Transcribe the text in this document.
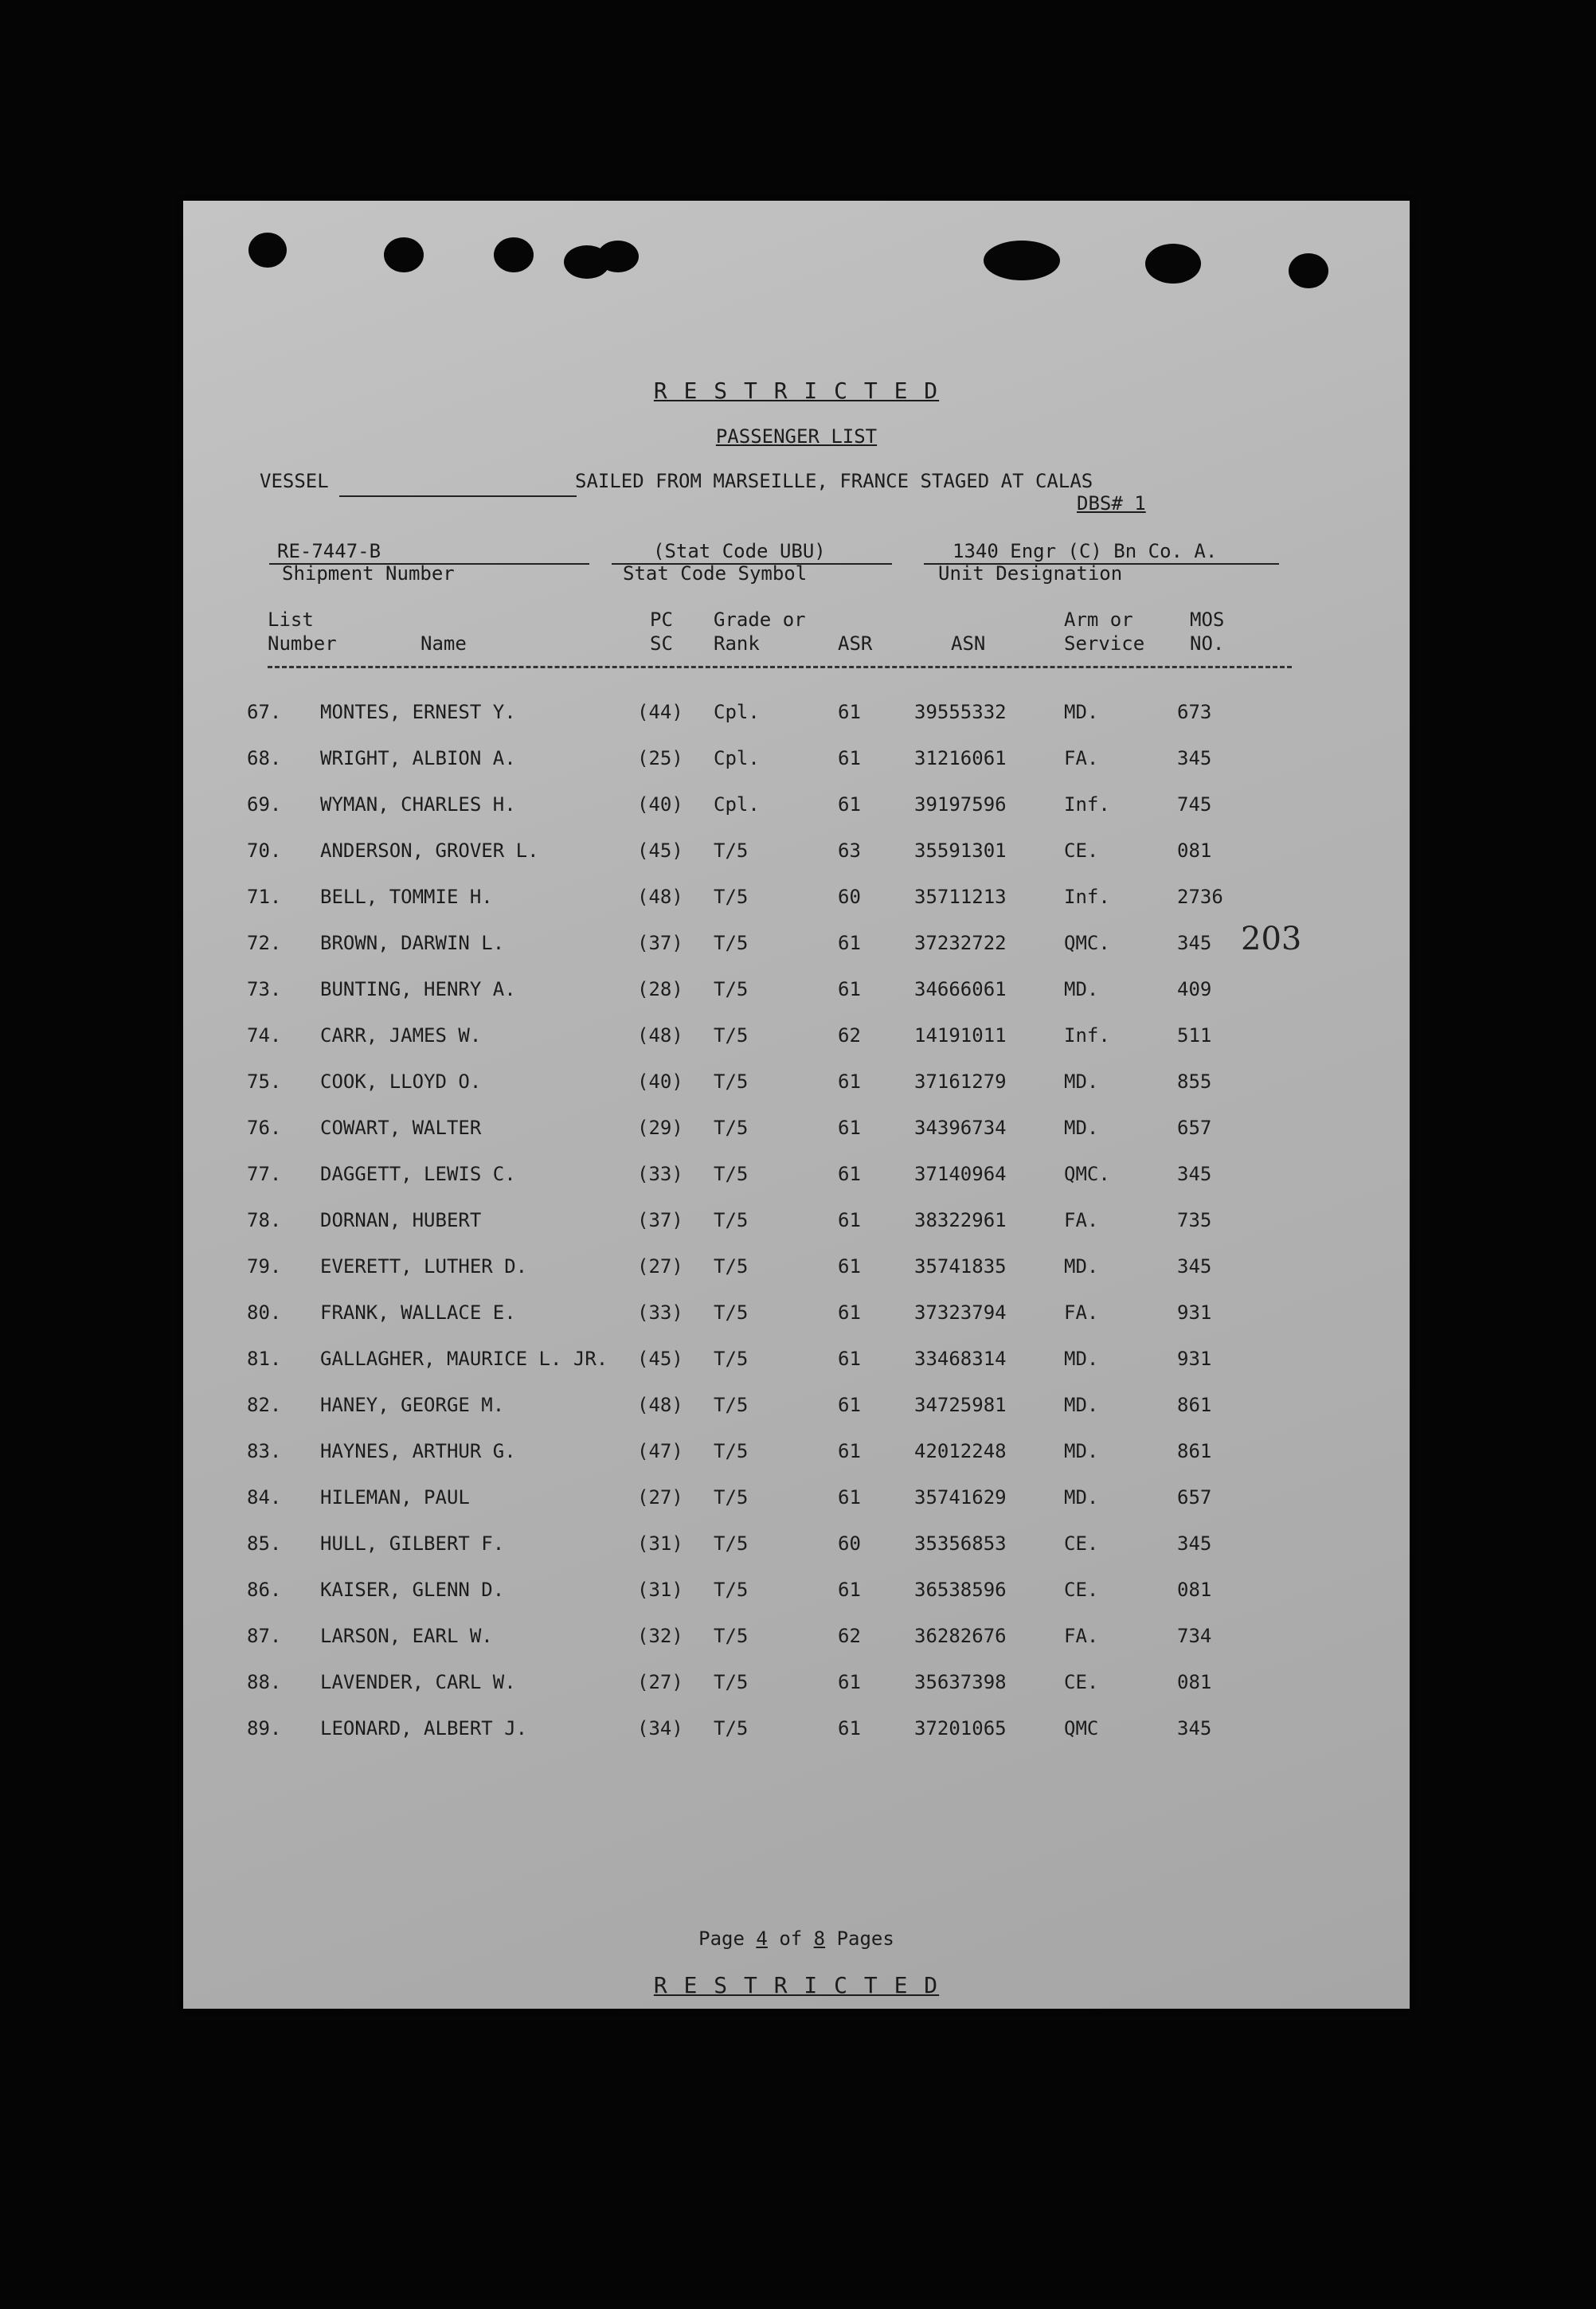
R E S T R I C T E D
PASSENGER LIST
VESSEL	SAILED FROM MARSEILLE, FRANCE STAGED AT CALAS
DBS# 1
RE-7447-B
Shipment Number
(Stat Code UBU)
Stat Code Symbol
1340 Engr (C) Bn Co. A.
Unit Designation
List
Number	Name
PC
SC
Grade or
Rank	ASR	ASN
Arm or
Service
MOS
NO.
67. MONTES, ERNEST Y.	(44) Cpl.	61	39555332	MD.	673
68. WRIGHT, ALBION A.	(25) Cpl.	61	31216061	FA.	345
69. WYMAN, CHARLES H.	(40) Cpl.	61	39197596	Inf.	745
70. ANDERSON, GROVER L.	(45) T/5	63	35591301	CE.	081
71. BELL, TOMMIE H.	(48) T/5	60	35711213	Inf.	2736
72. BROWN, DARWIN L.	(37) T/5	61	37232722	QMC.	345
73. BUNTING, HENRY A.	(28) T/5	61	34666061	MD.	409
74. CARR, JAMES W.	(48) T/5	62	14191011	Inf.	511
75. COOK, LLOYD O.	(40) T/5	61	37161279	MD.	855
76. COWART, WALTER	(29) T/5	61	34396734	MD.	657
77. DAGGETT, LEWIS C.	(33) T/5	61	37140964	QMC.	345
78. DORNAN, HUBERT	(37) T/5	61	38322961	FA.	735
79. EVERETT, LUTHER D.	(27) T/5	61	35741835	MD.	345
80. FRANK, WALLACE E.	(33) T/5	61	37323794	FA.	931
81. GALLAGHER, MAURICE L. JR. (45) T/5	61	33468314	MD.	931
82. HANEY, GEORGE M.	(48) T/5	61	34725981	MD.	861
83. HAYNES, ARTHUR G.	(47) T/5	61	42012248	MD.	861
84. HILEMAN, PAUL	(27) T/5	61	35741629	MD.	657
85. HULL, GILBERT F.	(31) T/5	60	35356853	CE.	345
86. KAISER, GLENN D.	(31) T/5	61	36538596	CE.	081
87. LARSON, EARL W.	(32) T/5	62	36282676	FA.	734
88. LAVENDER, CARL W.	(27) T/5	61	35637398	CE.	081
89. LEONARD, ALBERT J.	(34) T/5	61	37201065	QMC	345
203
Page 4 of 8 Pages
R E S T R I C T E D
